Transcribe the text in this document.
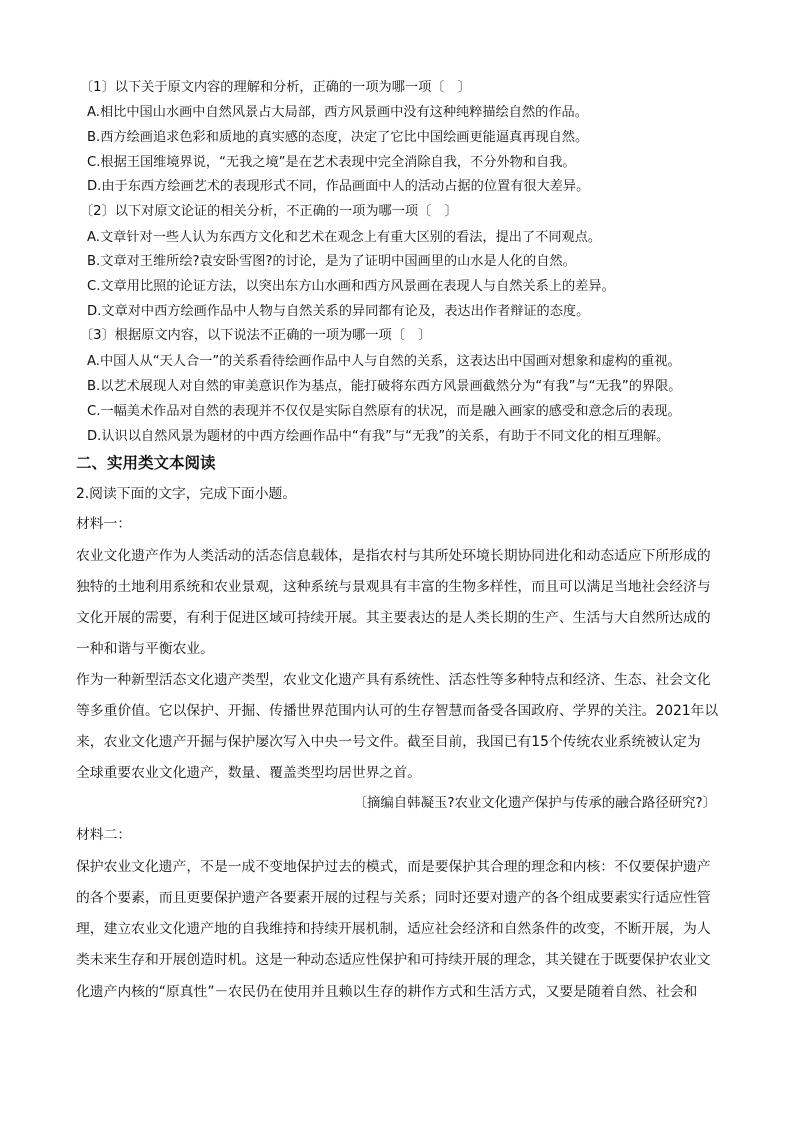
〔1〕以下关于原文内容的理解和分析，正确的一项为哪一项〔　〕
A.相比中国山水画中自然风景占大局部，西方风景画中没有这种纯粹描绘自然的作品。
B.西方绘画追求色彩和质地的真实感的态度，决定了它比中国绘画更能逼真再现自然。
C.根据王国维境界说，“无我之境”是在艺术表现中完全消除自我，不分外物和自我。
D.由于东西方绘画艺术的表现形式不同，作品画面中人的活动占据的位置有很大差异。
〔2〕以下对原文论证的相关分析，不正确的一项为哪一项〔　〕
A.文章针对一些人认为东西方文化和艺术在观念上有重大区别的看法，提出了不同观点。
B.文章对王维所绘?袁安卧雪图?的讨论，是为了证明中国画里的山水是人化的自然。
C.文章用比照的论证方法，以突出东方山水画和西方风景画在表现人与自然关系上的差异。
D.文章对中西方绘画作品中人物与自然关系的异同都有论及，表达出作者辩证的态度。
〔3〕根据原文内容，以下说法不正确的一项为哪一项〔　〕
A.中国人从“天人合一”的关系看待绘画作品中人与自然的关系，这表达出中国画对想象和虚构的重视。
B.以艺术展现人对自然的审美意识作为基点，能打破将东西方风景画截然分为“有我”与“无我”的界限。
C.一幅美术作品对自然的表现并不仅仅是实际自然原有的状况，而是融入画家的感受和意念后的表现。
D.认识以自然风景为题材的中西方绘画作品中“有我”与“无我”的关系，有助于不同文化的相互理解。
二、实用类文本阅读
2.阅读下面的文字，完成下面小题。
材料一：
农业文化遗产作为人类活动的活态信息载体，是指农村与其所处环境长期协同进化和动态适应下所形成的
独特的土地利用系统和农业景观，这种系统与景观具有丰富的生物多样性，而且可以满足当地社会经济与
文化开展的需要，有利于促进区域可持续开展。其主要表达的是人类长期的生产、生活与大自然所达成的
一种和谐与平衡农业。
作为一种新型活态文化遗产类型，农业文化遗产具有系统性、活态性等多种特点和经济、生态、社会文化
等多重价值。它以保护、开掘、传播世界范围内认可的生存智慧而备受各国政府、学界的关注。2021年以
来，农业文化遗产开掘与保护屡次写入中央一号文件。截至目前，我国已有15个传统农业系统被认定为
全球重要农业文化遗产，数量、覆盖类型均居世界之首。
〔摘编自韩凝玉?农业文化遗产保护与传承的融合路径研究?〕
材料二：
保护农业文化遗产，不是一成不变地保护过去的模式，而是要保护其合理的理念和内核：不仅要保护遗产
的各个要素，而且更要保护遗产各要素开展的过程与关系；同时还要对遗产的各个组成要素实行适应性管
理，建立农业文化遗产地的自我维持和持续开展机制，适应社会经济和自然条件的改变，不断开展，为人
类未来生存和开展创造时机。这是一种动态适应性保护和可持续开展的理念，其关键在于既要保护农业文
化遗产内核的“原真性”－农民仍在使用并且赖以生存的耕作方式和生活方式，又要是随着自然、社会和
